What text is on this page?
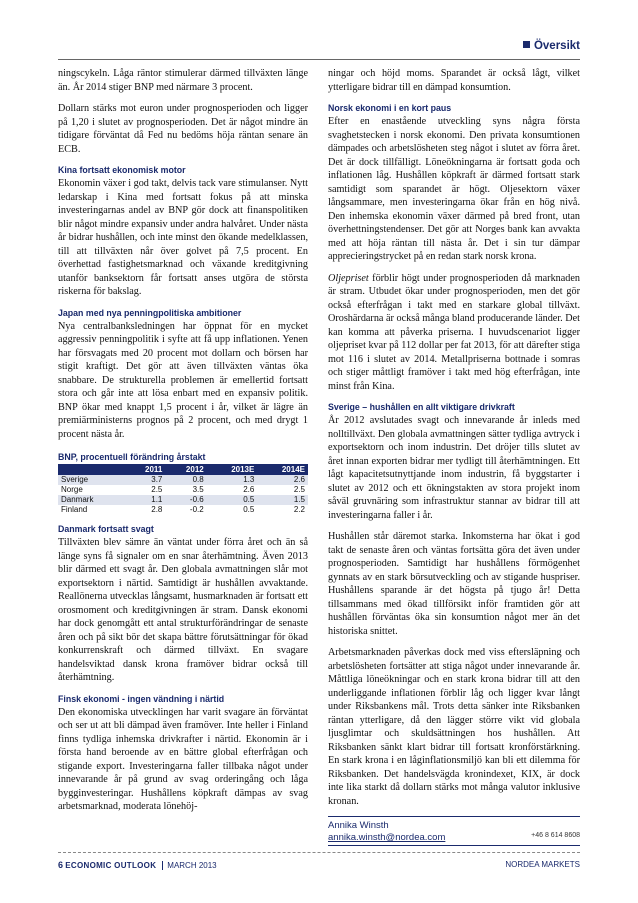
Översikt

ningscykeln. Låga räntor stimulerar därmed tillväxten länge än. År 2014 stiger BNP med närmare 3 procent.

Dollarn stärks mot euron under prognosperioden och ligger på 1,20 i slutet av prognosperioden. Det är något mindre än tidigare förväntat då Fed nu bedöms höja räntan senare än ECB.

Kina fortsatt ekonomisk motor

Ekonomin växer i god takt, delvis tack vare stimulanser. Nytt ledarskap i Kina med fortsatt fokus på att minska investeringarnas andel av BNP gör dock att finanspolitiken blir något mindre expansiv under andra halvåret. Under nästa år bidrar hushållen, och inte minst den ökande medelklassen, till att tillväxten når över golvet på 7,5 procent. En överhettad fastighetsmarknad och växande kreditgivning utanför banksektorn får fortsatt anses utgöra de största riskerna för bakslag.

Japan med nya penningpolitiska ambitioner

Nya centralbanksledningen har öppnat för en mycket aggressiv penningpolitik i syfte att få upp inflationen. Yenen har försvagats med 20 procent mot dollarn och börsen har stigit kraftigt. Det gör att även tillväxten väntas öka snabbare. De strukturella problemen är emellertid fortsatt stora och går inte att lösa enbart med en expansiv politik. BNP ökar med knappt 1,5 procent i år, vilket är lägre än premiärministerns prognos på 2 procent, och med drygt 1 procent nästa år.

BNP, procentuell förändring årstakt
	2011	2012	2013E	2014E
Sverige	3.7	0.8	1.3	2.6
Norge	2.5	3.5	2.6	2.5
Danmark	1.1	-0.6	0.5	1.5
Finland	2.8	-0.2	0.5	2.2
Danmark fortsatt svagt

Tillväxten blev sämre än väntat under förra året och än så länge syns få signaler om en snar återhämtning. Även 2013 blir därmed ett svagt år. Den globala avmattningen slår mot exportsektorn i närtid. Samtidigt är hushållen avvaktande. Reallönerna utvecklas långsamt, husmarknaden är fortsatt ett orosmoment och kreditgivningen är stram. Dansk ekonomi har dock genomgått ett antal strukturförändringar de senaste åren och på sikt bör det skapa bättre förutsättningar för ökad konkurrenskraft och därmed tillväxt. En svagare handelsviktad dansk krona framöver bidrar också till återhämtning.

Finsk ekonomi - ingen vändning i närtid

Den ekonomiska utvecklingen har varit svagare än förväntat och ser ut att bli dämpad även framöver. Inte heller i Finland finns tydliga inhemska drivkrafter i närtid. Ekonomin är i första hand beroende av en bättre global efterfrågan och stigande export. Investeringarna faller tillbaka något under innevarande år på grund av svag orderingång och låga bygginvesteringar. Hushållens köpkraft dämpas av svag arbetsmarknad, moderata lönehöj-

ningar och höjd moms. Sparandet är också lågt, vilket ytterligare bidrar till en dämpad konsumtion.

Norsk ekonomi i en kort paus

Efter en enastående utveckling syns några första svaghetstecken i norsk ekonomi. Den privata konsumtionen dämpades och arbetslösheten steg något i slutet av förra året. Det är dock tillfälligt. Löneökningarna är fortsatt goda och inflationen låg. Hushållen köpkraft är därmed fortsatt stark samtidigt som sparandet är högt. Oljesektorn växer långsammare, men investeringarna ökar från en hög nivå. Den inhemska ekonomin växer därmed på bred front, utan överhettningstendenser. Det gör att Norges bank kan avvakta med att höja räntan till nästa år. Det i sin tur dämpar apprecieringstrycket på en redan stark norsk krona.

Oljepriset förblir högt under prognosperioden då marknaden är stram. Utbudet ökar under prognosperioden, men det gör också efterfrågan i takt med en starkare global tillväxt. Oroshärdarna är också många bland producerande länder. Det kan komma att påverka priserna. I huvudscenariot ligger oljepriset kvar på 112 dollar per fat 2013, för att därefter stiga mot 116 i slutet av 2014. Metallpriserna bottnade i somras och stiger måttligt framöver i takt med hög efterfrågan, inte minst från Kina.

Sverige – hushållen en allt viktigare drivkraft

År 2012 avslutades svagt och innevarande år inleds med nolltillväxt. Den globala avmattningen sätter tydliga avtryck i exportsektorn och inom industrin. Det dröjer tills slutet av året innan exporten bidrar mer tydligt till återhämtningen. Ett lågt kapacitetsutnyttjande inom industrin, få byggstarter i slutet av 2012 och ett ökningstakten av stora projekt inom såväl gruvnäring som infrastruktur stannar av bidrar till att investeringarna faller i år.

Hushållen står däremot starka. Inkomsterna har ökat i god takt de senaste åren och väntas fortsätta göra det även under prognosperioden. Samtidigt har hushållens förmögenhet gynnats av en stark börsutveckling och av stigande huspriser. Hushållens sparande är det högsta på tjugo år! Detta tillsammans med ökad tillförsikt inför framtiden gör att hushållen förväntas öka sin konsumtion något mer än det historiska snittet.

Arbetsmarknaden påverkas dock med viss eftersläpning och arbetslösheten fortsätter att stiga något under innevarande år. Måttliga löneökningar och en stark krona bidrar till att den underliggande inflationen förblir låg och ligger kvar långt under Riksbankens mål. Trots detta sänker inte Riksbanken räntan ytterligare, då den lägger större vikt vid globala ljusglimtar och skuldsättningen hos hushållen. Att Riksbanken sänkt klart bidrar till fortsatt kronförstärkning. En stark krona i en låginflationsmiljö kan bli ett dilemma för Riksbanken. Det handelsvägda kronindexet, KIX, är dock inte lika starkt då dollarn stärks mot många valutor inklusive kronan.

Annika Winsth
annika.winsth@nordea.com	+46 8 614 8608
6 ECONOMIC OUTLOOK MARCH 2013	NORDEA MARKETS
